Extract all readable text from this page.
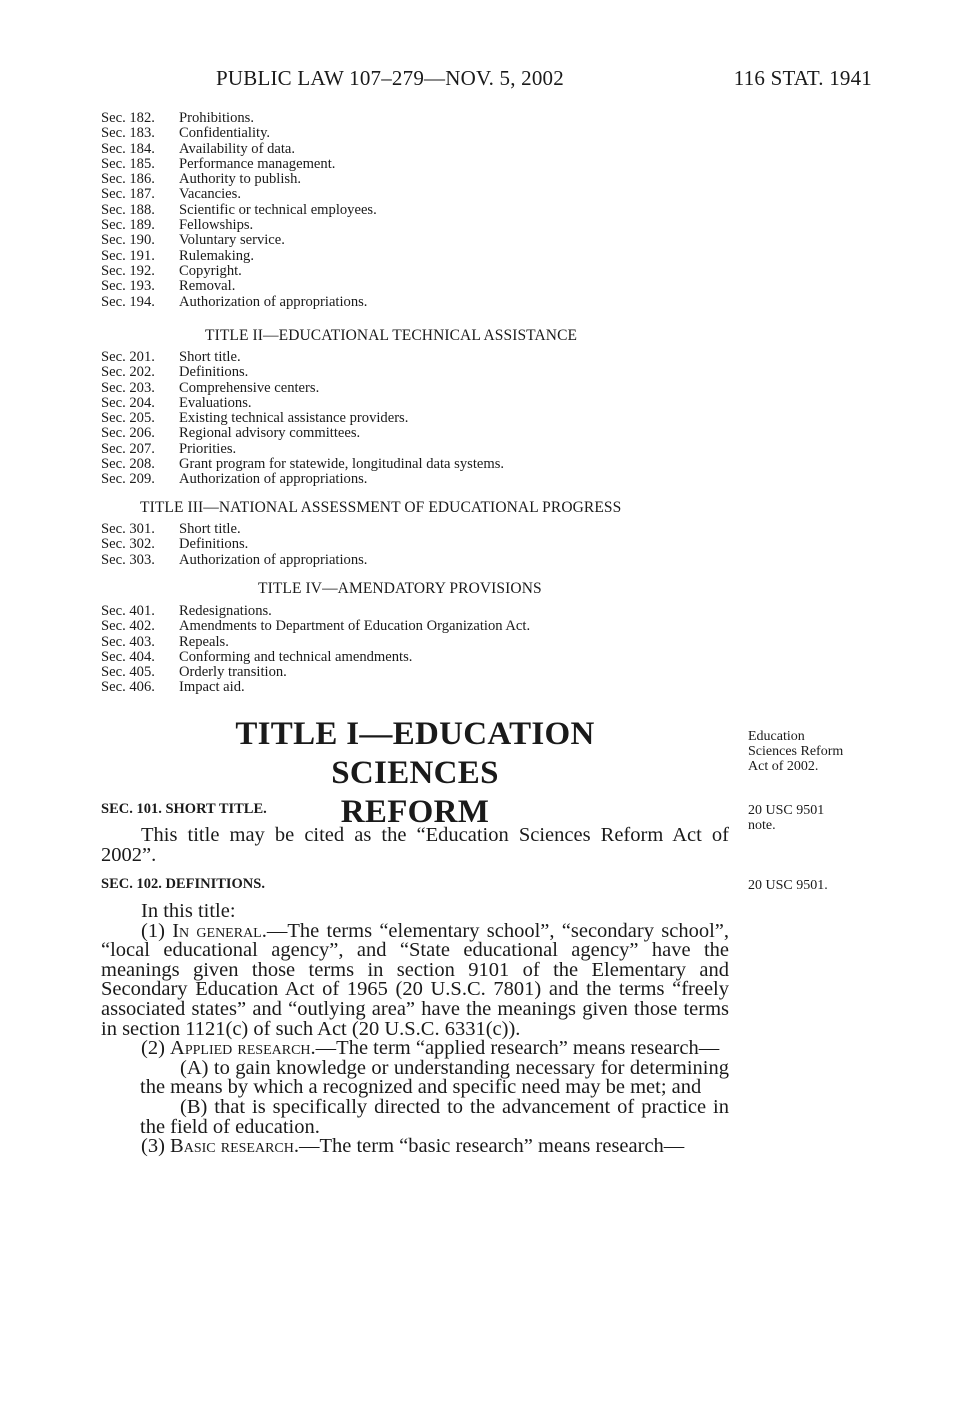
PUBLIC LAW 107–279—NOV. 5, 2002	116 STAT. 1941
Sec. 182.	Prohibitions.
Sec. 183.	Confidentiality.
Sec. 184.	Availability of data.
Sec. 185.	Performance management.
Sec. 186.	Authority to publish.
Sec. 187.	Vacancies.
Sec. 188.	Scientific or technical employees.
Sec. 189.	Fellowships.
Sec. 190.	Voluntary service.
Sec. 191.	Rulemaking.
Sec. 192.	Copyright.
Sec. 193.	Removal.
Sec. 194.	Authorization of appropriations.
TITLE II—EDUCATIONAL TECHNICAL ASSISTANCE
Sec. 201.	Short title.
Sec. 202.	Definitions.
Sec. 203.	Comprehensive centers.
Sec. 204.	Evaluations.
Sec. 205.	Existing technical assistance providers.
Sec. 206.	Regional advisory committees.
Sec. 207.	Priorities.
Sec. 208.	Grant program for statewide, longitudinal data systems.
Sec. 209.	Authorization of appropriations.
TITLE III—NATIONAL ASSESSMENT OF EDUCATIONAL PROGRESS
Sec. 301.	Short title.
Sec. 302.	Definitions.
Sec. 303.	Authorization of appropriations.
TITLE IV—AMENDATORY PROVISIONS
Sec. 401.	Redesignations.
Sec. 402.	Amendments to Department of Education Organization Act.
Sec. 403.	Repeals.
Sec. 404.	Conforming and technical amendments.
Sec. 405.	Orderly transition.
Sec. 406.	Impact aid.
TITLE I—EDUCATION SCIENCES
REFORM
Education
Sciences Reform
Act of 2002.
SEC. 101. SHORT TITLE.	20 USC 9501
note.

This title may be cited as the “Education Sciences Reform Act of 2002”.

SEC. 102. DEFINITIONS.	20 USC 9501.

In this title:

(1) In general.—The terms “elementary school”, “secondary school”, “local educational agency”, and “State educational agency” have the meanings given those terms in section 9101 of the Elementary and Secondary Education Act of 1965 (20 U.S.C. 7801) and the terms “freely associated states” and “outlying area” have the meanings given those terms in section 1121(c) of such Act (20 U.S.C. 6331(c)).

(2) Applied research.—The term “applied research” means research—

(A) to gain knowledge or understanding necessary for determining the means by which a recognized and specific need may be met; and

(B) that is specifically directed to the advancement of practice in the field of education.

(3) Basic research.—The term “basic research” means research—
